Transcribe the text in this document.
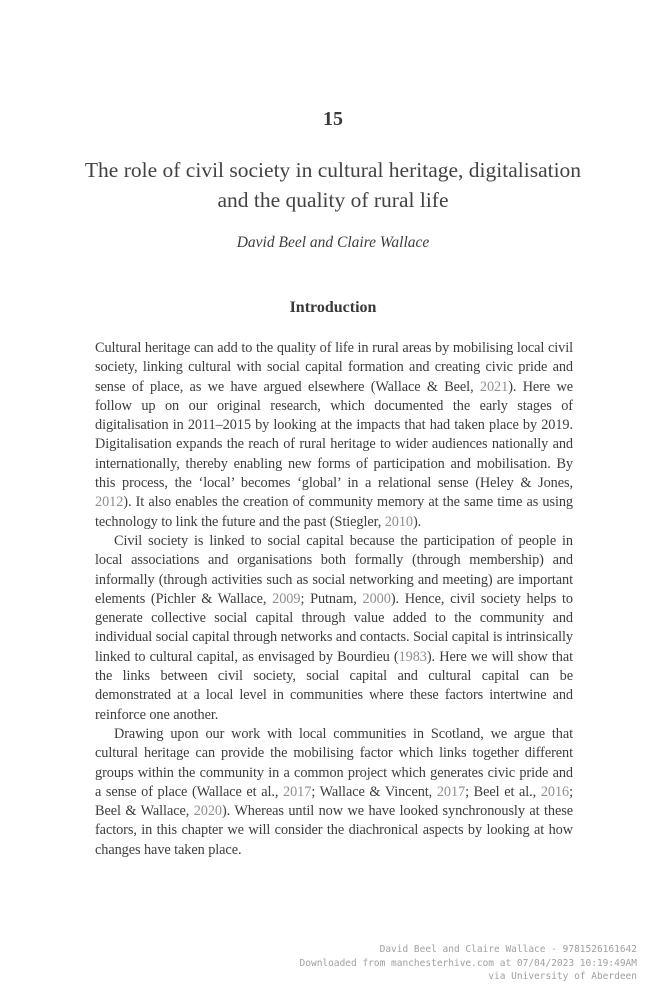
15
The role of civil society in cultural heritage, digitalisation and the quality of rural life
David Beel and Claire Wallace
Introduction

Cultural heritage can add to the quality of life in rural areas by mobilising local civil society, linking cultural with social capital formation and creating civic pride and sense of place, as we have argued elsewhere (Wallace & Beel, 2021). Here we follow up on our original research, which documented the early stages of digitalisation in 2011–2015 by looking at the impacts that had taken place by 2019. Digitalisation expands the reach of rural heritage to wider audiences nationally and internationally, thereby enabling new forms of participation and mobilisation. By this process, the ‘local’ becomes ‘global’ in a relational sense (Heley & Jones, 2012). It also enables the creation of community memory at the same time as using technology to link the future and the past (Stiegler, 2010).

Civil society is linked to social capital because the participation of people in local associations and organisations both formally (through membership) and informally (through activities such as social networking and meeting) are important elements (Pichler & Wallace, 2009; Putnam, 2000). Hence, civil society helps to generate collective social capital through value added to the community and individual social capital through networks and contacts. Social capital is intrinsically linked to cultural capital, as envisaged by Bourdieu (1983). Here we will show that the links between civil society, social capital and cultural capital can be demonstrated at a local level in communities where these factors intertwine and reinforce one another.

Drawing upon our work with local communities in Scotland, we argue that cultural heritage can provide the mobilising factor which links together different groups within the community in a common project which generates civic pride and a sense of place (Wallace et al., 2017; Wallace & Vincent, 2017; Beel et al., 2016; Beel & Wallace, 2020). Whereas until now we have looked synchronously at these factors, in this chapter we will consider the diachronical aspects by looking at how changes have taken place.

David Beel and Claire Wallace - 9781526161642
Downloaded from manchesterhive.com at 07/04/2023 10:19:49AM
via University of Aberdeen
